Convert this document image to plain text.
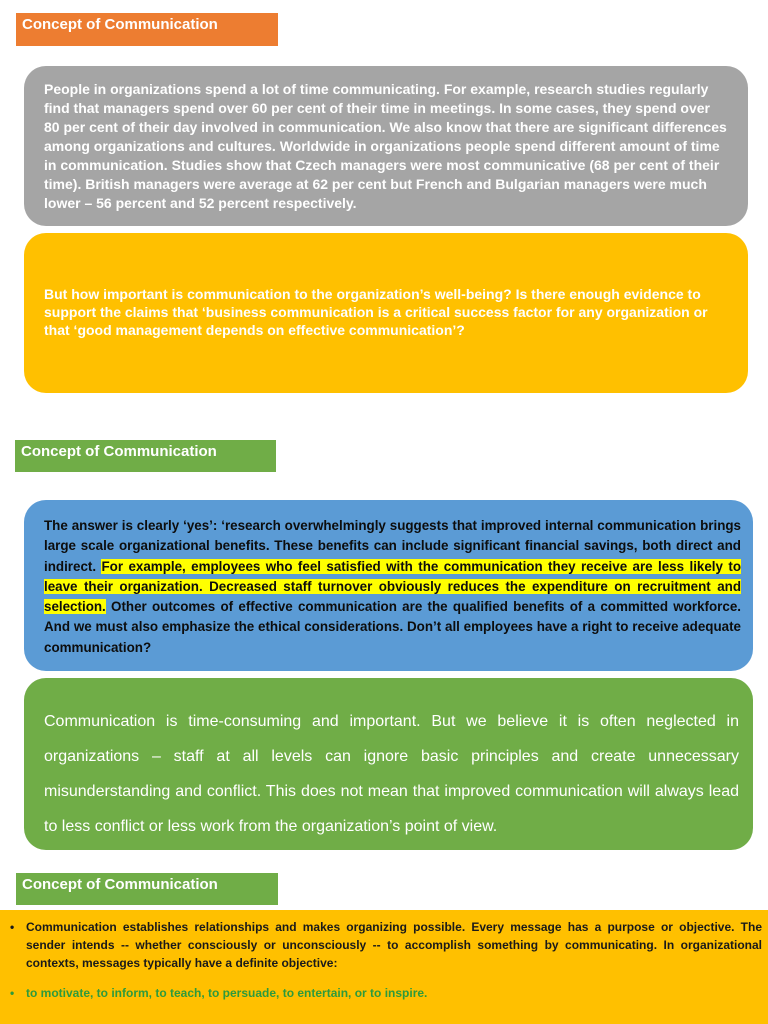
Concept of Communication

People in organizations spend a lot of time communicating. For example, research studies regularly find that managers spend over 60 per cent of their time in meetings. In some cases, they spend over 80 per cent of their day involved in communication. We also know that there are significant differences among organizations and cultures. Worldwide in organizations people spend different amount of time in communication. Studies show that Czech managers were most communicative (68 per cent of their time). British managers were average at 62 per cent but French and Bulgarian managers were much lower – 56 percent and 52 percent respectively.

But how important is communication to the organization’s well-being? Is there enough evidence to support the claims that ‘business communication is a critical success factor for any organization or that ‘good management depends on effective communication’?

Concept of Communication

The answer is clearly ‘yes’: ‘research overwhelmingly suggests that improved internal communication brings large scale organizational benefits. These benefits can include significant financial savings, both direct and indirect. For example, employees who feel satisfied with the communication they receive are less likely to leave their organization. Decreased staff turnover obviously reduces the expenditure on recruitment and selection. Other outcomes of effective communication are the qualified benefits of a committed workforce. And we must also emphasize the ethical considerations. Don’t all employees have a right to receive adequate communication?

Communication is time-consuming and important. But we believe it is often neglected in organizations – staff at all levels can ignore basic principles and create unnecessary misunderstanding and conflict. This does not mean that improved communication will always lead to less conflict or less work from the organization’s point of view.

Concept of Communication
• Communication establishes relationships and makes organizing possible. Every message has a purpose or objective. The sender intends -- whether consciously or unconsciously -- to accomplish something by communicating. In organizational contexts, messages typically have a definite objective:
• to motivate, to inform, to teach, to persuade, to entertain, or to inspire.
